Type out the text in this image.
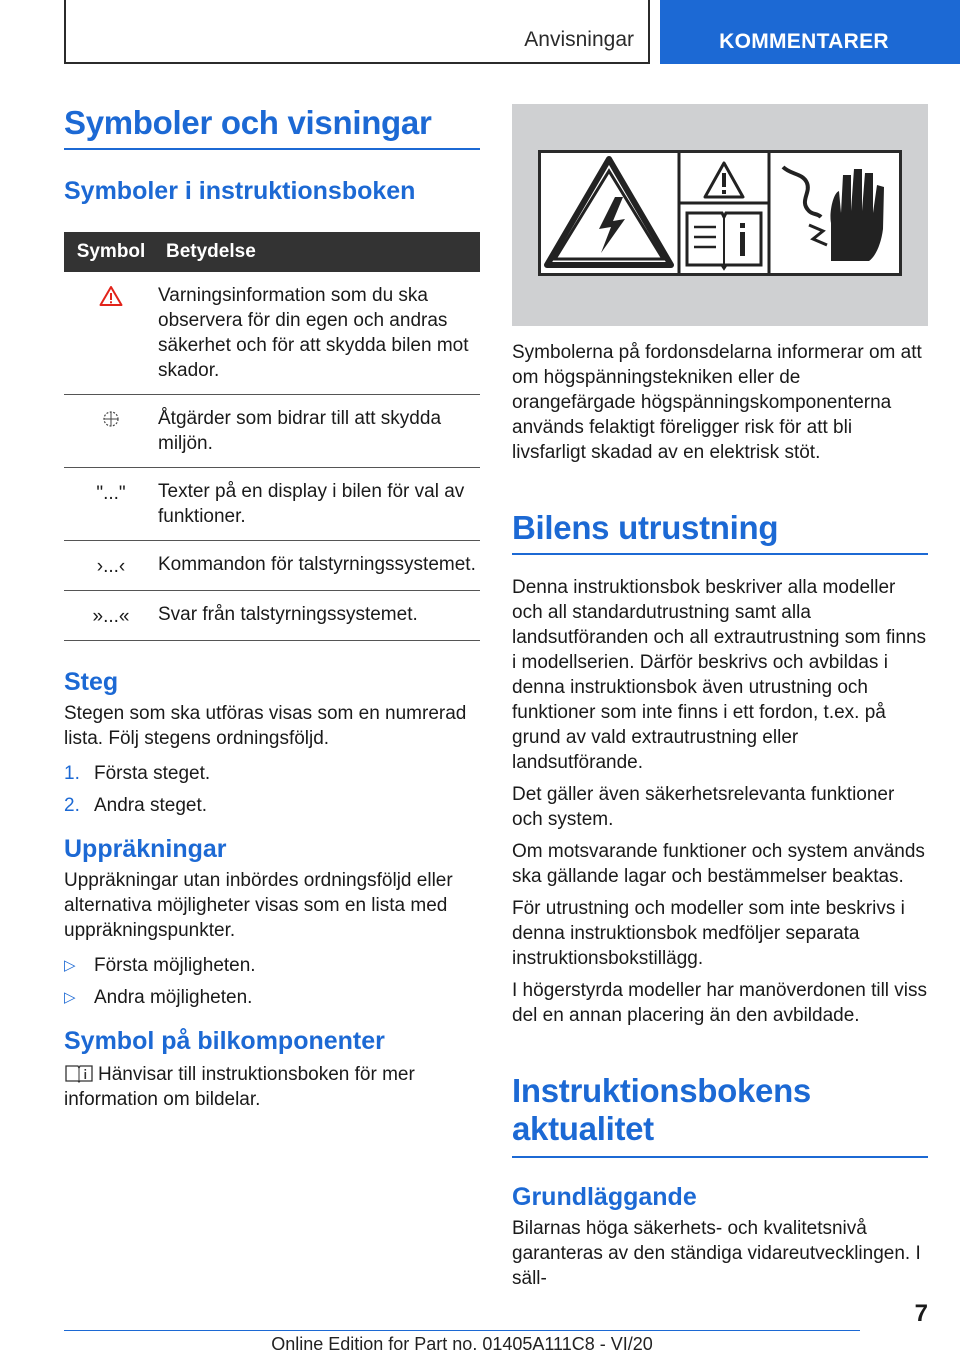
Anvisningar	KOMMENTARER
Symboler och visningar
Symboler i instruktionsboken
Symbol	Betydelse
	Varningsinformation som du ska observera för din egen och andras säkerhet och för att skydda bilen mot skador.
	Åtgärder som bidrar till att skydda miljön.
"..."	Texter på en display i bilen för val av funktioner.
›...‹	Kommandon för talstyrningssystemet.
»...«	Svar från talstyrningssystemet.
Steg

Stegen som ska utföras visas som en numrerad lista. Följ stegens ordningsföljd.

1. Första steget.
2. Andra steget.
Uppräkningar

Uppräkningar utan inbördes ordningsföljd eller alternativa möjligheter visas som en lista med uppräkningspunkter.

▷ Första möjligheten.
▷ Andra möjligheten.
Symbol på bilkomponenter

Hänvisar till instruktionsboken för mer information om bildelar.

Symbolerna på fordonsdelarna informerar om att om högspänningstekniken eller de orangefärgade högspänningskomponenterna används felaktigt föreligger risk för att bli livsfarligt skadad av en elektrisk stöt.

Bilens utrustning

Denna instruktionsbok beskriver alla modeller och all standardutrustning samt alla landsutföranden och all extrautrustning som finns i modellserien. Därför beskrivs och avbildas i denna instruktionsbok även utrustning och funktioner som inte finns i ett fordon, t.ex. på grund av vald extrautrustning eller landsutförande.

Det gäller även säkerhetsrelevanta funktioner och system.

Om motsvarande funktioner och system används ska gällande lagar och bestämmelser beaktas.

För utrustning och modeller som inte beskrivs i denna instruktionsbok medföljer separata instruktionsbokstillägg.

I högerstyrda modeller har manöverdonen till viss del en annan placering än den avbildade.

Instruktionsbokens aktualitet
Grundläggande

Bilarnas höga säkerhets- och kvalitetsnivå garanteras av den ständiga vidareutvecklingen. I säll-

7
Online Edition for Part no. 01405A111C8 - VI/20
